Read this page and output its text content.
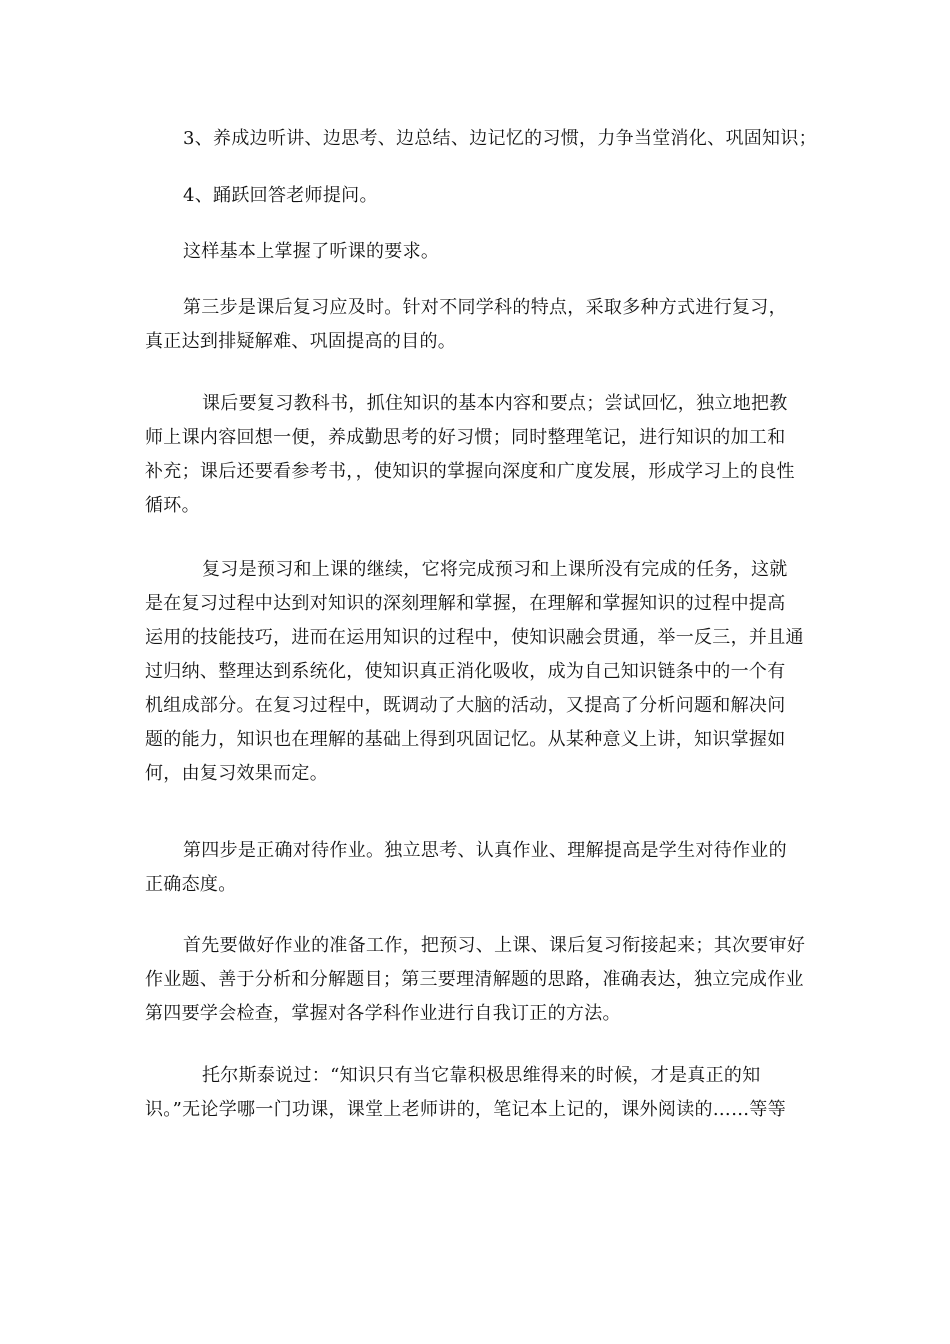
3、养成边听讲、边思考、边总结、边记忆的习惯，力争当堂消化、巩固知识；
4、踊跃回答老师提问。
这样基本上掌握了听课的要求。
第三步是课后复习应及时。针对不同学科的特点，采取多种方式进行复习，
真正达到排疑解难、巩固提高的目的。
课后要复习教科书，抓住知识的基本内容和要点；尝试回忆，独立地把教
师上课内容回想一便，养成勤思考的好习惯；同时整理笔记，进行知识的加工和
补充；课后还要看参考书，，使知识的掌握向深度和广度发展，形成学习上的良性
循环。
复习是预习和上课的继续，它将完成预习和上课所没有完成的任务，这就
是在复习过程中达到对知识的深刻理解和掌握，在理解和掌握知识的过程中提高
运用的技能技巧，进而在运用知识的过程中，使知识融会贯通，举一反三，并且通
过归纳、整理达到系统化，使知识真正消化吸收，成为自己知识链条中的一个有
机组成部分。在复习过程中，既调动了大脑的活动，又提高了分析问题和解决问
题的能力，知识也在理解的基础上得到巩固记忆。从某种意义上讲，知识掌握如
何，由复习效果而定。
第四步是正确对待作业。独立思考、认真作业、理解提高是学生对待作业的
正确态度。
首先要做好作业的准备工作，把预习、上课、课后复习衔接起来；其次要审好
作业题、善于分析和分解题目；第三要理清解题的思路，准确表达，独立完成作业
第四要学会检查，掌握对各学科作业进行自我订正的方法。
托尔斯泰说过：“知识只有当它靠积极思维得来的时候，才是真正的知
识。”无论学哪一门功课，课堂上老师讲的，笔记本上记的，课外阅读的……等等
